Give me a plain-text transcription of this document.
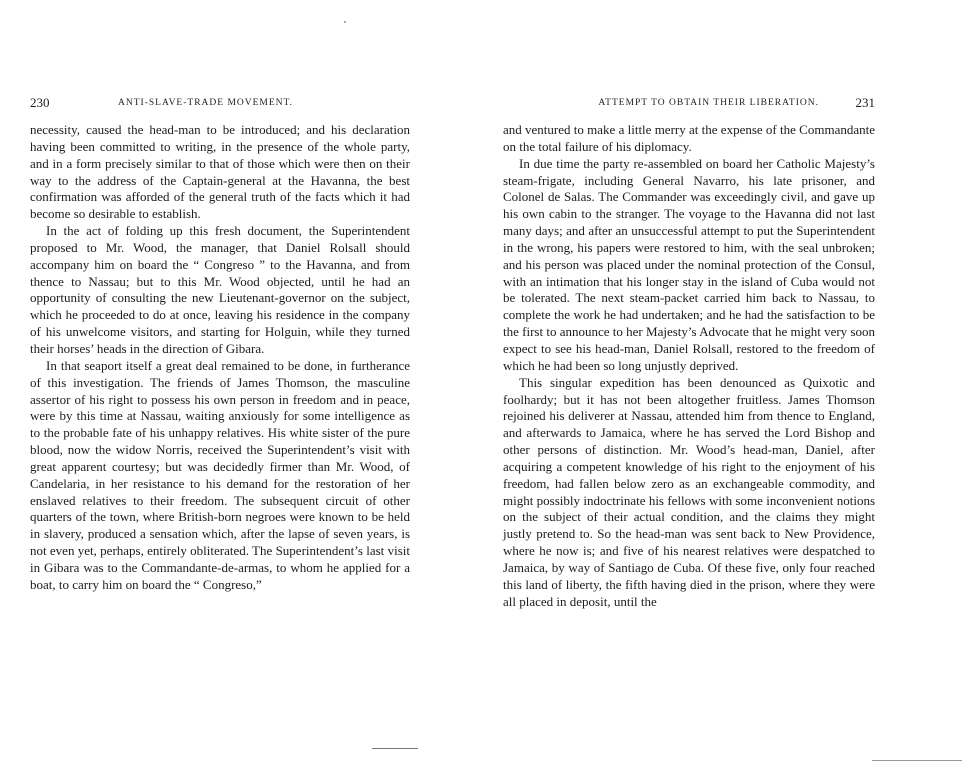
230	ANTI-SLAVE-TRADE MOVEMENT.

necessity, caused the head-man to be introduced; and his declaration having been committed to writing, in the presence of the whole party, and in a form precisely similar to that of those which were then on their way to the address of the Captain-general at the Havanna, the best confirmation was afforded of the general truth of the facts which it had become so desirable to establish.

In the act of folding up this fresh document, the Superintendent proposed to Mr. Wood, the manager, that Daniel Rolsall should accompany him on board the “ Congreso ” to the Havanna, and from thence to Nassau; but to this Mr. Wood objected, until he had an opportunity of consulting the new Lieutenant-governor on the subject, which he proceeded to do at once, leaving his residence in the company of his unwelcome visitors, and starting for Holguin, while they turned their horses’ heads in the direction of Gibara.

In that seaport itself a great deal remained to be done, in furtherance of this investigation. The friends of James Thomson, the masculine assertor of his right to possess his own person in freedom and in peace, were by this time at Nassau, waiting anxiously for some intelligence as to the probable fate of his unhappy relatives. His white sister of the pure blood, now the widow Norris, received the Superintendent’s visit with great apparent courtesy; but was decidedly firmer than Mr. Wood, of Candelaria, in her resistance to his demand for the restoration of her enslaved relatives to their freedom. The subsequent circuit of other quarters of the town, where British-born negroes were known to be held in slavery, produced a sensation which, after the lapse of seven years, is not even yet, perhaps, entirely obliterated. The Superintendent’s last visit in Gibara was to the Commandante-de-armas, to whom he applied for a boat, to carry him on board the “ Congreso,”

ATTEMPT TO OBTAIN THEIR LIBERATION.	231

and ventured to make a little merry at the expense of the Commandante on the total failure of his diplomacy.

In due time the party re-assembled on board her Catholic Majesty’s steam-frigate, including General Navarro, his late prisoner, and Colonel de Salas. The Commander was exceedingly civil, and gave up his own cabin to the stranger. The voyage to the Havanna did not last many days; and after an unsuccessful attempt to put the Superintendent in the wrong, his papers were restored to him, with the seal unbroken; and his person was placed under the nominal protection of the Consul, with an intimation that his longer stay in the island of Cuba would not be tolerated. The next steam-packet carried him back to Nassau, to complete the work he had undertaken; and he had the satisfaction to be the first to announce to her Majesty’s Advocate that he might very soon expect to see his head-man, Daniel Rolsall, restored to the freedom of which he had been so long unjustly deprived.

This singular expedition has been denounced as Quixotic and foolhardy; but it has not been altogether fruitless. James Thomson rejoined his deliverer at Nassau, attended him from thence to England, and afterwards to Jamaica, where he has served the Lord Bishop and other persons of distinction. Mr. Wood’s head-man, Daniel, after acquiring a competent knowledge of his right to the enjoyment of his freedom, had fallen below zero as an exchangeable commodity, and might possibly indoctrinate his fellows with some inconvenient notions on the subject of their actual condition, and the claims they might justly pretend to. So the head-man was sent back to New Providence, where he now is; and five of his nearest relatives were despatched to Jamaica, by way of Santiago de Cuba. Of these five, only four reached this land of liberty, the fifth having died in the prison, where they were all placed in deposit, until the
